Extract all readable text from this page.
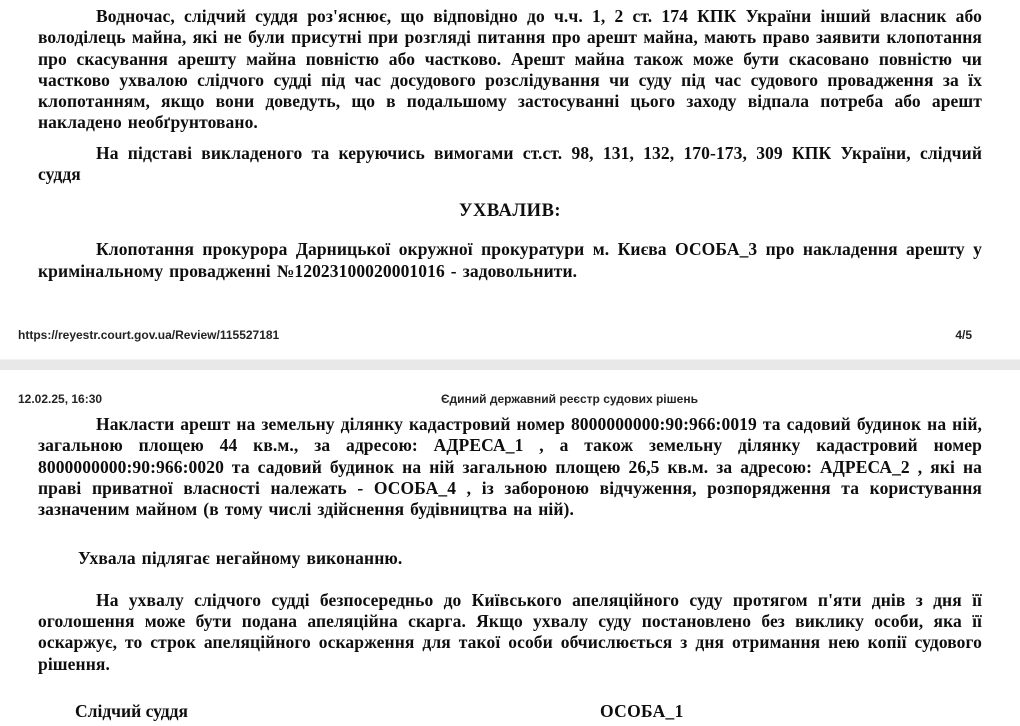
Водночас, слідчий суддя роз'яснює, що відповідно до ч.ч. 1, 2 ст. 174 КПК України інший власник або володілець майна, які не були присутні при розгляді питання про арешт майна, мають право заявити клопотання про скасування арешту майна повністю або частково. Арешт майна також може бути скасовано повністю чи частково ухвалою слідчого судді під час досудового розслідування чи суду під час судового провадження за їх клопотанням, якщо вони доведуть, що в подальшому застосуванні цього заходу відпала потреба або арешт накладено необґрунтовано.

На підставі викладеного та керуючись вимогами ст.ст. 98, 131, 132, 170-173, 309 КПК України, слідчий суддя

УХВАЛИВ:

Клопотання прокурора Дарницької окружної прокуратури м. Києва ОСОБА_3 про накладення арешту у кримінальному провадженні №12023100020001016 - задовольнити.

https://reyestr.court.gov.ua/Review/115527181	4/5
12.02.25, 16:30	Єдиний державний реєстр судових рішень

Накласти арешт на земельну ділянку кадастровий номер 8000000000:90:966:0019 та садовий будинок на ній, загальною площею 44 кв.м., за адресою: АДРЕСА_1 , а також земельну ділянку кадастровий номер 8000000000:90:966:0020 та садовий будинок на ній загальною площею 26,5 кв.м. за адресою: АДРЕСА_2 , які на праві приватної власності належать - ОСОБА_4 , із забороною відчуження, розпорядження та користування зазначеним майном (в тому числі здійснення будівництва на ній).

Ухвала підлягає негайному виконанню.

На ухвалу слідчого судді безпосередньо до Київського апеляційного суду протягом п'яти днів з дня її оголошення може бути подана апеляційна скарга. Якщо ухвалу суду постановлено без виклику особи, яка її оскаржує, то строк апеляційного оскарження для такої особи обчислюється з дня отримання нею копії судового рішення.

Слідчий суддя	ОСОБА_1
